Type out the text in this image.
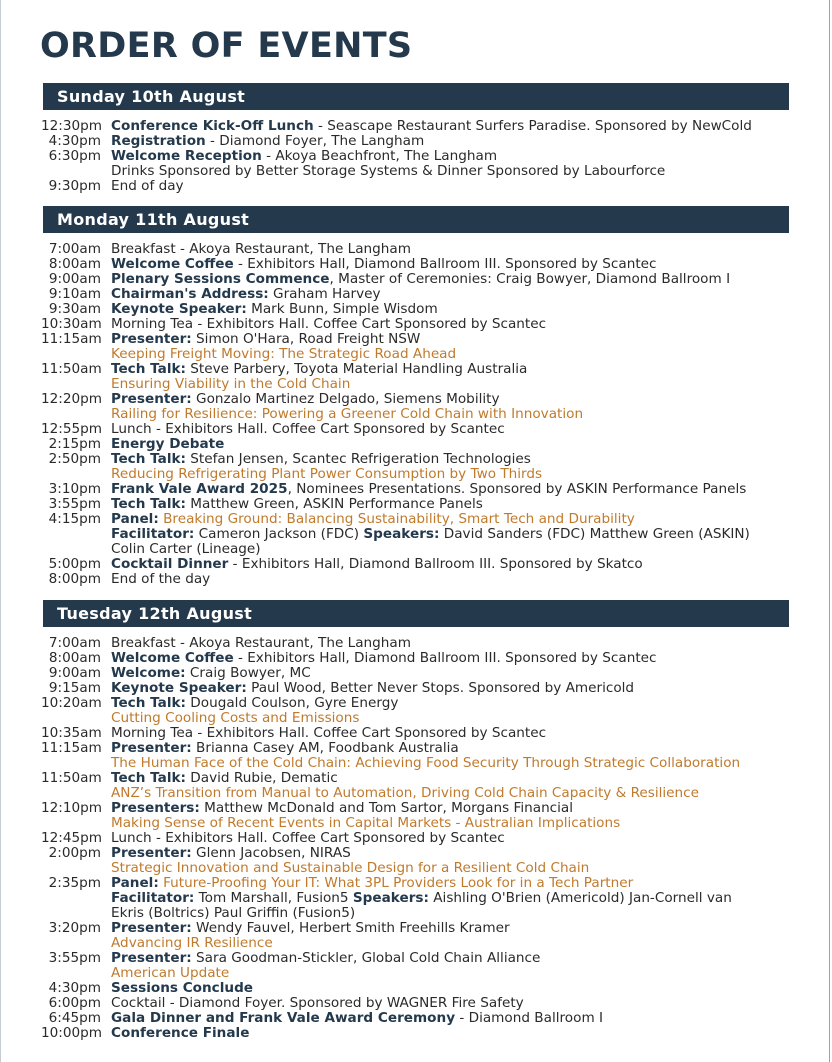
ORDER OF EVENTS
Sunday 10th August
12:30pm Conference Kick-Off Lunch - Seascape Restaurant Surfers Paradise. Sponsored by NewCold
4:30pm Registration - Diamond Foyer, The Langham
6:30pm Welcome Reception - Akoya Beachfront, The Langham
Drinks Sponsored by Better Storage Systems & Dinner Sponsored by Labourforce
9:30pm End of day
Monday 11th August
7:00am Breakfast - Akoya Restaurant, The Langham
8:00am Welcome Coffee - Exhibitors Hall, Diamond Ballroom III. Sponsored by Scantec
9:00am Plenary Sessions Commence, Master of Ceremonies: Craig Bowyer, Diamond Ballroom I
9:10am Chairman's Address: Graham Harvey
9:30am Keynote Speaker: Mark Bunn, Simple Wisdom
10:30am Morning Tea - Exhibitors Hall. Coffee Cart Sponsored by Scantec
11:15am Presenter: Simon O'Hara, Road Freight NSW
Keeping Freight Moving: The Strategic Road Ahead
11:50am Tech Talk: Steve Parbery, Toyota Material Handling Australia
Ensuring Viability in the Cold Chain
12:20pm Presenter: Gonzalo Martinez Delgado, Siemens Mobility
Railing for Resilience: Powering a Greener Cold Chain with Innovation
12:55pm Lunch - Exhibitors Hall. Coffee Cart Sponsored by Scantec
2:15pm Energy Debate
2:50pm Tech Talk: Stefan Jensen, Scantec Refrigeration Technologies
Reducing Refrigerating Plant Power Consumption by Two Thirds
3:10pm Frank Vale Award 2025, Nominees Presentations. Sponsored by ASKIN Performance Panels
3:55pm Tech Talk: Matthew Green, ASKIN Performance Panels
4:15pm Panel: Breaking Ground: Balancing Sustainability, Smart Tech and Durability
Facilitator: Cameron Jackson (FDC) Speakers: David Sanders (FDC) Matthew Green (ASKIN)
Colin Carter (Lineage)
5:00pm Cocktail Dinner - Exhibitors Hall, Diamond Ballroom III. Sponsored by Skatco
8:00pm End of the day
Tuesday 12th August
7:00am Breakfast - Akoya Restaurant, The Langham
8:00am Welcome Coffee - Exhibitors Hall, Diamond Ballroom III. Sponsored by Scantec
9:00am Welcome: Craig Bowyer, MC
9:15am Keynote Speaker: Paul Wood, Better Never Stops. Sponsored by Americold
10:20am Tech Talk: Dougald Coulson, Gyre Energy
Cutting Cooling Costs and Emissions
10:35am Morning Tea - Exhibitors Hall. Coffee Cart Sponsored by Scantec
11:15am Presenter: Brianna Casey AM, Foodbank Australia
The Human Face of the Cold Chain: Achieving Food Security Through Strategic Collaboration
11:50am Tech Talk: David Rubie, Dematic
ANZ’s Transition from Manual to Automation, Driving Cold Chain Capacity & Resilience
12:10pm Presenters: Matthew McDonald and Tom Sartor, Morgans Financial
Making Sense of Recent Events in Capital Markets - Australian Implications
12:45pm Lunch - Exhibitors Hall. Coffee Cart Sponsored by Scantec
2:00pm Presenter: Glenn Jacobsen, NIRAS
Strategic Innovation and Sustainable Design for a Resilient Cold Chain
2:35pm Panel: Future-Proofing Your IT: What 3PL Providers Look for in a Tech Partner
Facilitator: Tom Marshall, Fusion5 Speakers: Aishling O'Brien (Americold) Jan-Cornell van
Ekris (Boltrics) Paul Griffin (Fusion5)
3:20pm Presenter: Wendy Fauvel, Herbert Smith Freehills Kramer
Advancing IR Resilience
3:55pm Presenter: Sara Goodman-Stickler, Global Cold Chain Alliance
American Update
4:30pm Sessions Conclude
6:00pm Cocktail - Diamond Foyer. Sponsored by WAGNER Fire Safety
6:45pm Gala Dinner and Frank Vale Award Ceremony - Diamond Ballroom I
10:00pm Conference Finale
